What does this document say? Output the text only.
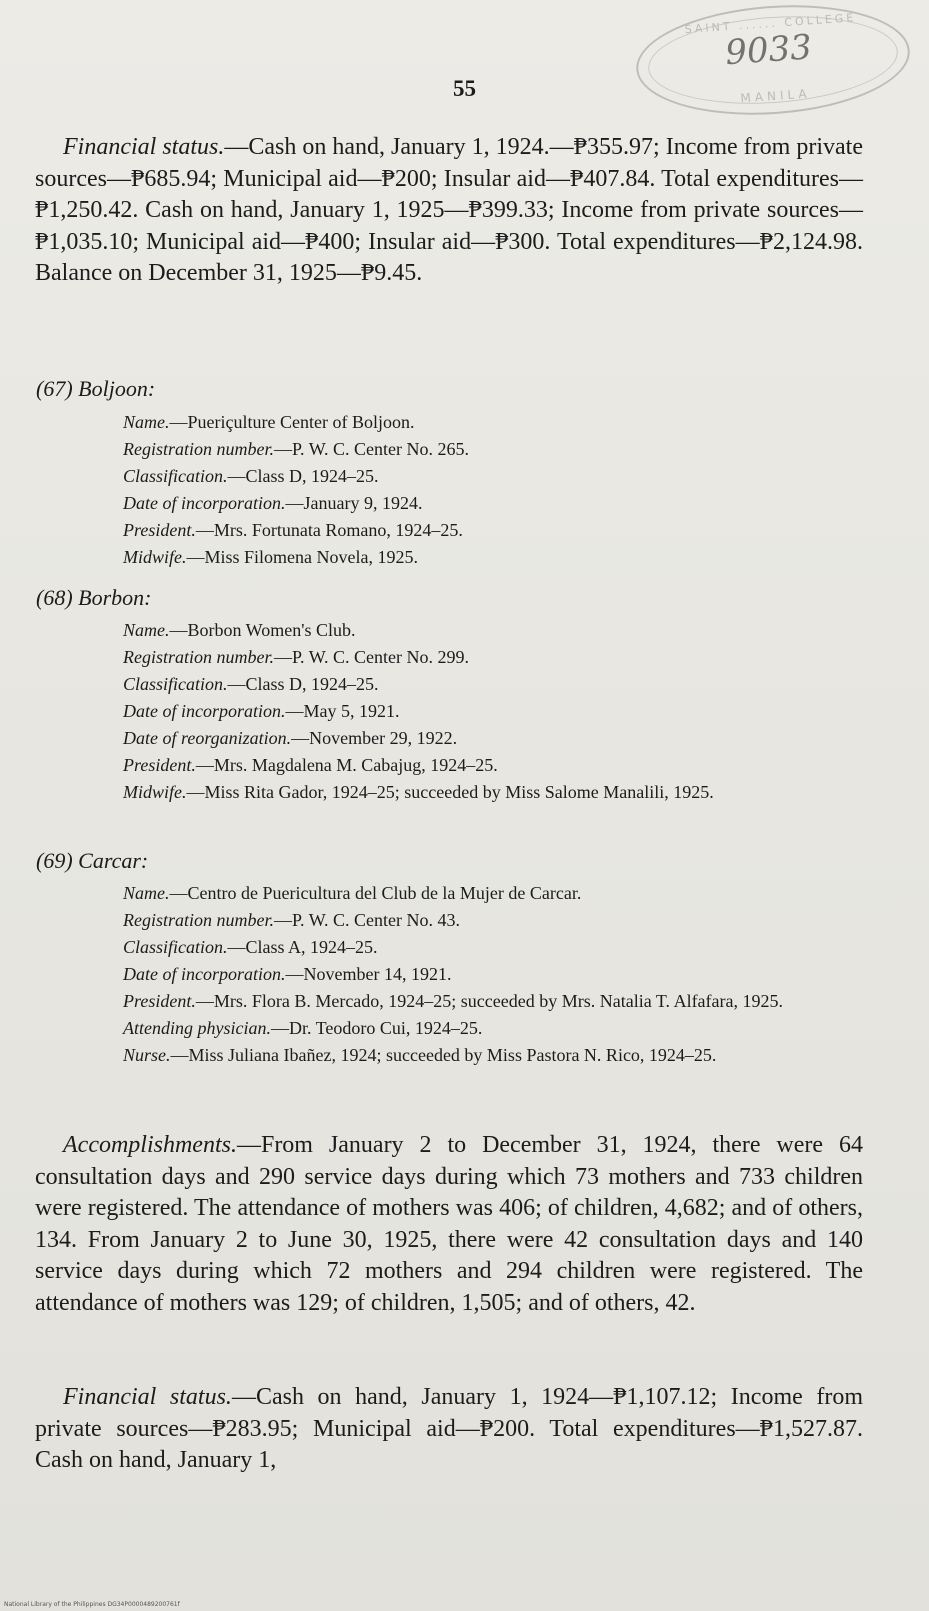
SAINT ...... COLLEGE
9033
MANILA
55

Financial status.—Cash on hand, January 1, 1924.—₱355.97; Income from private sources—₱685.94; Municipal aid—₱200; Insular aid—₱407.84. Total expenditures—₱1,250.42. Cash on hand, January 1, 1925—₱399.33; Income from private sources—₱1,035.10; Municipal aid—₱400; Insular aid—₱300. Total expenditures—₱2,124.98. Balance on December 31, 1925—₱9.45.

(67) Boljoon:

Name.—Pueriçulture Center of Boljoon.
Registration number.—P. W. C. Center No. 265.
Classification.—Class D, 1924–25.
Date of incorporation.—January 9, 1924.
President.—Mrs. Fortunata Romano, 1924–25.
Midwife.—Miss Filomena Novela, 1925.

(68) Borbon:

Name.—Borbon Women's Club.
Registration number.—P. W. C. Center No. 299.
Classification.—Class D, 1924–25.
Date of incorporation.—May 5, 1921.
Date of reorganization.—November 29, 1922.
President.—Mrs. Magdalena M. Cabajug, 1924–25.
Midwife.—Miss Rita Gador, 1924–25; succeeded by Miss Salome Manalili, 1925.

(69) Carcar:

Name.—Centro de Puericultura del Club de la Mujer de Carcar.
Registration number.—P. W. C. Center No. 43.
Classification.—Class A, 1924–25.
Date of incorporation.—November 14, 1921.
President.—Mrs. Flora B. Mercado, 1924–25; succeeded by Mrs. Natalia T. Alfafara, 1925.
Attending physician.—Dr. Teodoro Cui, 1924–25.
Nurse.—Miss Juliana Ibañez, 1924; succeeded by Miss Pastora N. Rico, 1924–25.

Accomplishments.—From January 2 to December 31, 1924, there were 64 consultation days and 290 service days during which 73 mothers and 733 children were registered. The attendance of mothers was 406; of children, 4,682; and of others, 134. From January 2 to June 30, 1925, there were 42 consultation days and 140 service days during which 72 mothers and 294 children were registered. The attendance of mothers was 129; of children, 1,505; and of others, 42.

Financial status.—Cash on hand, January 1, 1924—₱1,107.12; Income from private sources—₱283.95; Municipal aid—₱200. Total expenditures—₱1,527.87. Cash on hand, January 1,

National Library of the Philippines DG34P0000489200761f
